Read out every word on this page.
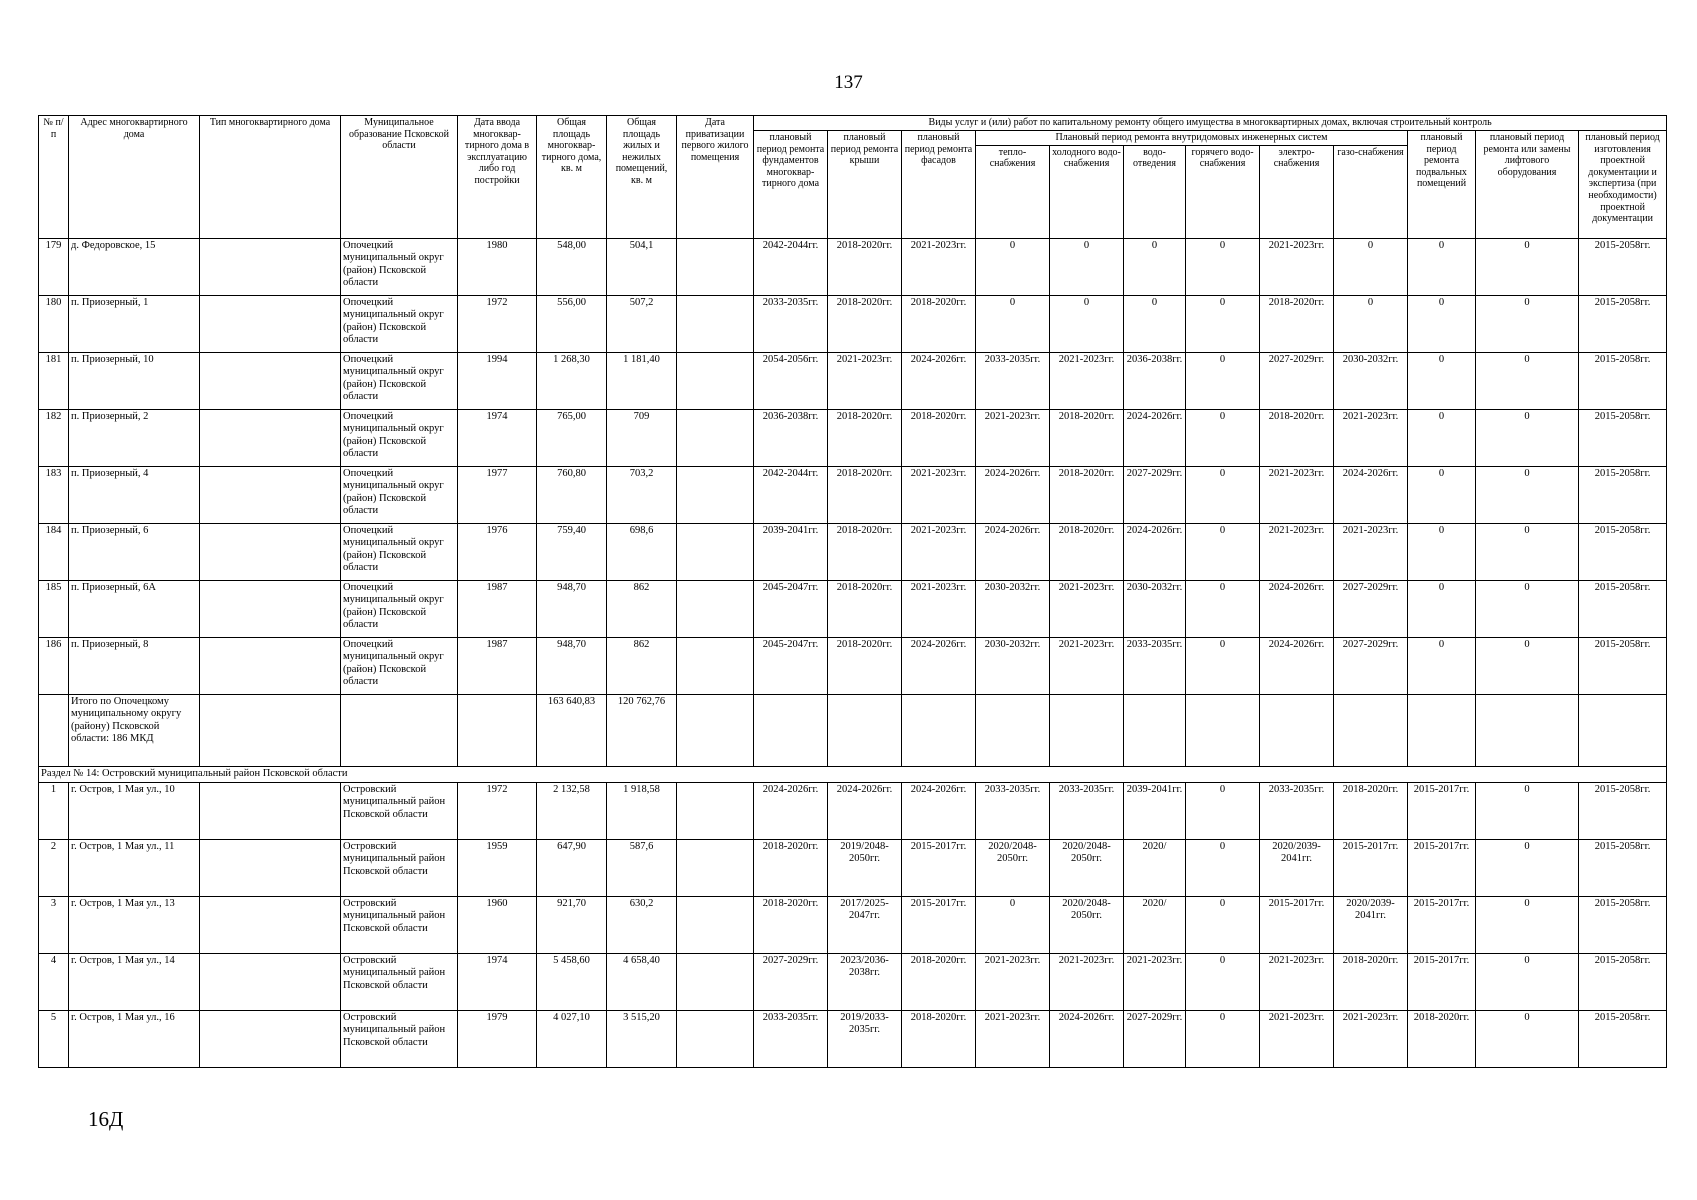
137
№ п/п	Адрес многоквартирного дома	Тип многоквартирного дома	Муниципальное образование Псковской области	Дата ввода многоквар-тирного дома в эксплуатацию либо год постройки	Общая площадь многоквар-тирного дома, кв. м	Общая площадь жилых и нежилых помещений, кв. м	Дата приватизации первого жилого помещения	Виды услуг и (или) работ по капитальному ремонту общего имущества в многоквартирных домах, включая строительный контроль											
								плановый период ремонта фундаментов многоквар-тирного дома	плановый период ремонта крыши	плановый период ремонта фасадов	Плановый период ремонта внутридомовых инженерных систем						плановый период ремонта подвальных помещений	плановый период ремонта или замены лифтового оборудования	плановый период изготовления проектной документации и экспертиза (при необходимости) проектной документации
											тепло-снабжения	холодного водо-снабжения	водо-отведения	горячего водо-снабжения	электро-снабжения	газо-снабжения			
179	д. Федоровское, 15		Опочецкий муниципальный округ (район) Псковской области	1980	548,00	504,1		2042-2044гг.	2018-2020гг.	2021-2023гг.	0	0	0	0	2021-2023гг.	0	0	0	2015-2058гг.
180	п. Приозерный, 1		Опочецкий муниципальный округ (район) Псковской области	1972	556,00	507,2		2033-2035гг.	2018-2020гг.	2018-2020гг.	0	0	0	0	2018-2020гг.	0	0	0	2015-2058гг.
181	п. Приозерный, 10		Опочецкий муниципальный округ (район) Псковской области	1994	1 268,30	1 181,40		2054-2056гг.	2021-2023гг.	2024-2026гг.	2033-2035гг.	2021-2023гг.	2036-2038гг.	0	2027-2029гг.	2030-2032гг.	0	0	2015-2058гг.
182	п. Приозерный, 2		Опочецкий муниципальный округ (район) Псковской области	1974	765,00	709		2036-2038гг.	2018-2020гг.	2018-2020гг.	2021-2023гг.	2018-2020гг.	2024-2026гг.	0	2018-2020гг.	2021-2023гг.	0	0	2015-2058гг.
183	п. Приозерный, 4		Опочецкий муниципальный округ (район) Псковской области	1977	760,80	703,2		2042-2044гг.	2018-2020гг.	2021-2023гг.	2024-2026гг.	2018-2020гг.	2027-2029гг.	0	2021-2023гг.	2024-2026гг.	0	0	2015-2058гг.
184	п. Приозерный, 6		Опочецкий муниципальный округ (район) Псковской области	1976	759,40	698,6		2039-2041гг.	2018-2020гг.	2021-2023гг.	2024-2026гг.	2018-2020гг.	2024-2026гг.	0	2021-2023гг.	2021-2023гг.	0	0	2015-2058гг.
185	п. Приозерный, 6А		Опочецкий муниципальный округ (район) Псковской области	1987	948,70	862		2045-2047гг.	2018-2020гг.	2021-2023гг.	2030-2032гг.	2021-2023гг.	2030-2032гг.	0	2024-2026гг.	2027-2029гг.	0	0	2015-2058гг.
186	п. Приозерный, 8		Опочецкий муниципальный округ (район) Псковской области	1987	948,70	862		2045-2047гг.	2018-2020гг.	2024-2026гг.	2030-2032гг.	2021-2023гг.	2033-2035гг.	0	2024-2026гг.	2027-2029гг.	0	0	2015-2058гг.
	Итого по Опочецкому муниципальному округу (району) Псковской области: 186 МКД				163 640,83	120 762,76													
Раздел № 14: Островский муниципальный район Псковской области																			
1	г. Остров, 1 Мая ул., 10		Островский муниципальный район Псковской области	1972	2 132,58	1 918,58		2024-2026гг.	2024-2026гг.	2024-2026гг.	2033-2035гг.	2033-2035гг.	2039-2041гг.	0	2033-2035гг.	2018-2020гг.	2015-2017гг.	0	2015-2058гг.
2	г. Остров, 1 Мая ул., 11		Островский муниципальный район Псковской области	1959	647,90	587,6		2018-2020гг.	2019/2048-2050гг.	2015-2017гг.	2020/2048-2050гг.	2020/2048-2050гг.	2020/	0	2020/2039-2041гг.	2015-2017гг.	2015-2017гг.	0	2015-2058гг.
3	г. Остров, 1 Мая ул., 13		Островский муниципальный район Псковской области	1960	921,70	630,2		2018-2020гг.	2017/2025-2047гг.	2015-2017гг.	0	2020/2048-2050гг.	2020/	0	2015-2017гг.	2020/2039-2041гг.	2015-2017гг.	0	2015-2058гг.
4	г. Остров, 1 Мая ул., 14		Островский муниципальный район Псковской области	1974	5 458,60	4 658,40		2027-2029гг.	2023/2036-2038гг.	2018-2020гг.	2021-2023гг.	2021-2023гг.	2021-2023гг.	0	2021-2023гг.	2018-2020гг.	2015-2017гг.	0	2015-2058гг.
5	г. Остров, 1 Мая ул., 16		Островский муниципальный район Псковской области	1979	4 027,10	3 515,20		2033-2035гг.	2019/2033-2035гг.	2018-2020гг.	2021-2023гг.	2024-2026гг.	2027-2029гг.	0	2021-2023гг.	2021-2023гг.	2018-2020гг.	0	2015-2058гг.
16Д
